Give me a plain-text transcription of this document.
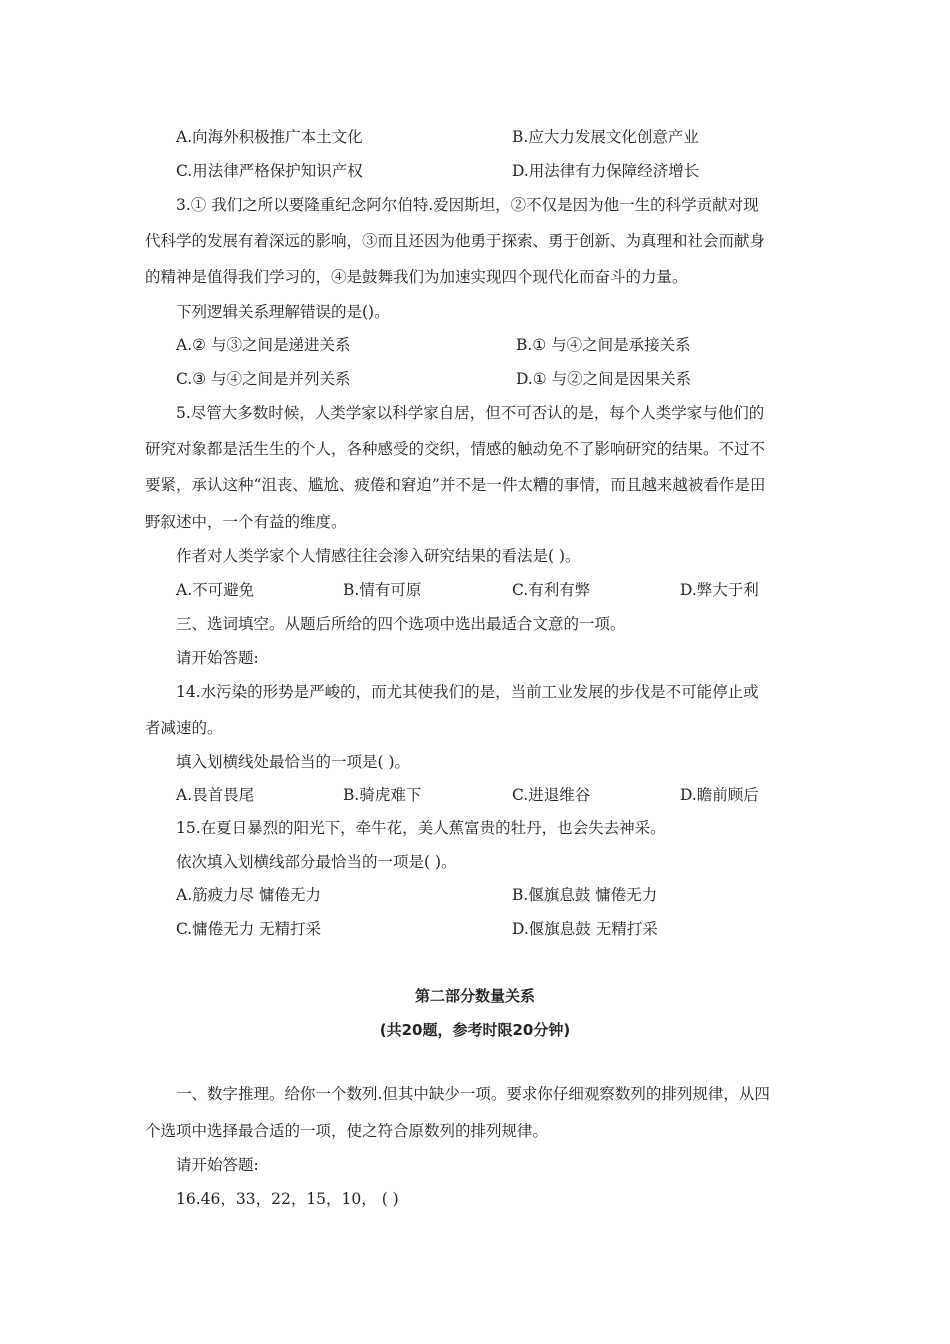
A.向海外积极推广本土文化	B.应大力发展文化创意产业
C.用法律严格保护知识产权	D.用法律有力保障经济增长
3.① 我们之所以要隆重纪念阿尔伯特.爱因斯坦，②不仅是因为他一生的科学贡献对现
代科学的发展有着深远的影响，③而且还因为他勇于探索、勇于创新、为真理和社会而献身
的精神是值得我们学习的，④是鼓舞我们为加速实现四个现代化而奋斗的力量。
下列逻辑关系理解错误的是()。
A.② 与③之间是递进关系	B.① 与④之间是承接关系
C.③ 与④之间是并列关系	D.① 与②之间是因果关系
5.尽管大多数时候，人类学家以科学家自居，但不可否认的是，每个人类学家与他们的
研究对象都是活生生的个人，各种感受的交织，情感的触动免不了影响研究的结果。不过不
要紧，承认这种“沮丧、尴尬、疲倦和窘迫”并不是一件太糟的事情，而且越来越被看作是田
野叙述中，一个有益的维度。
作者对人类学家个人情感往往会渗入研究结果的看法是( )。
A.不可避免	B.情有可原	C.有利有弊	D.弊大于利
三、选词填空。从题后所给的四个选项中选出最适合文意的一项。
请开始答题:
14.水污染的形势是严峻的，而尤其使我们的是，当前工业发展的步伐是不可能停止或
者减速的。
填入划横线处最恰当的一项是( )。
A.畏首畏尾	B.骑虎难下	C.进退维谷	D.瞻前顾后
15.在夏日暴烈的阳光下，牵牛花，美人蕉富贵的牡丹，也会失去神采。
依次填入划横线部分最恰当的一项是( )。
A.筋疲力尽 慵倦无力	B.偃旗息鼓 慵倦无力
C.慵倦无力 无精打采	D.偃旗息鼓 无精打采
第二部分数量关系
(共20题，参考时限20分钟)
一、数字推理。给你一个数列.但其中缺少一项。要求你仔细观察数列的排列规律，从四
个选项中选择最合适的一项，使之符合原数列的排列规律。
请开始答题:
16.46，33，22，15，10， ( )
